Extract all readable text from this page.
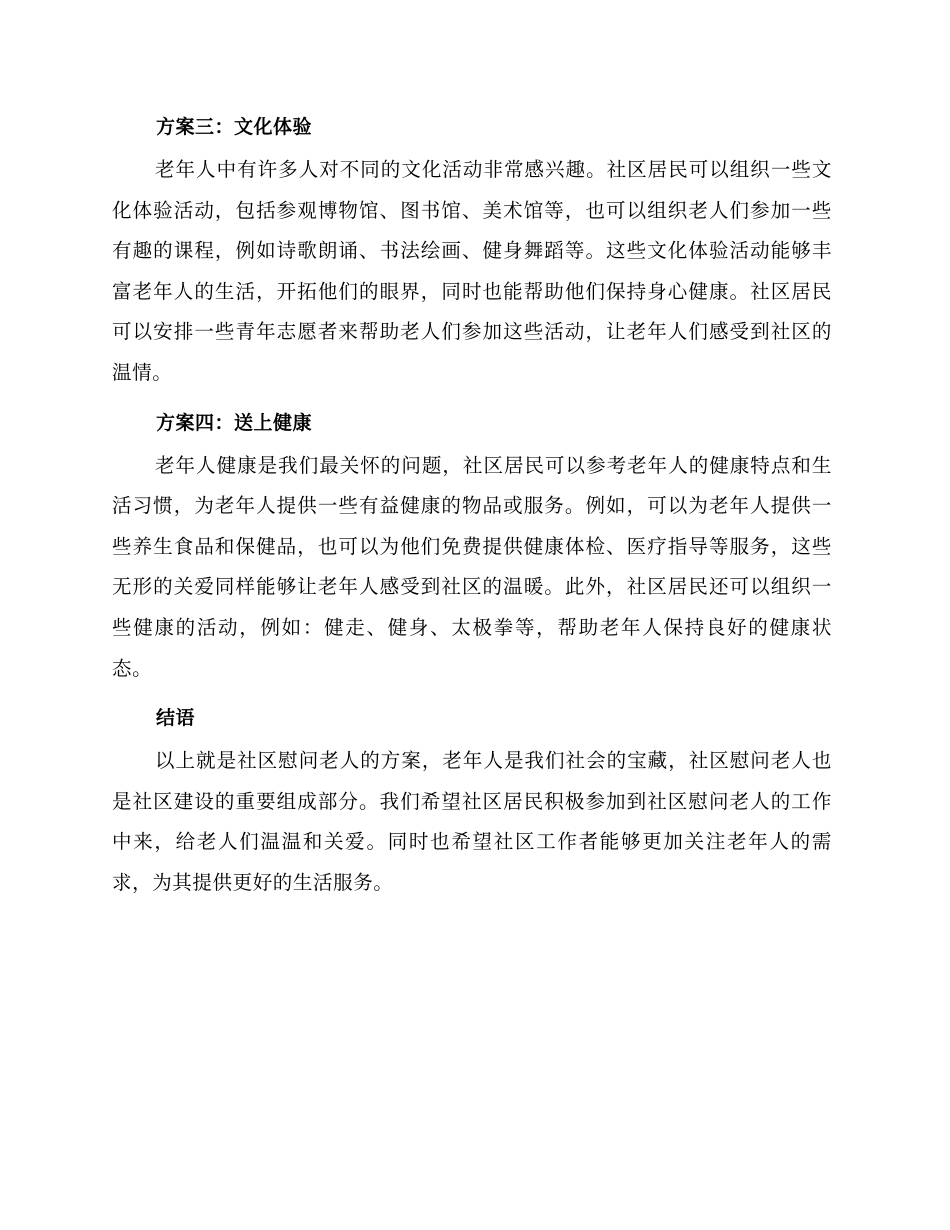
方案三：文化体验

老年人中有许多人对不同的文化活动非常感兴趣。社区居民可以组织一些文化体验活动，包括参观博物馆、图书馆、美术馆等，也可以组织老人们参加一些有趣的课程，例如诗歌朗诵、书法绘画、健身舞蹈等。这些文化体验活动能够丰富老年人的生活，开拓他们的眼界，同时也能帮助他们保持身心健康。社区居民可以安排一些青年志愿者来帮助老人们参加这些活动，让老年人们感受到社区的温情。

方案四：送上健康

老年人健康是我们最关怀的问题，社区居民可以参考老年人的健康特点和生活习惯，为老年人提供一些有益健康的物品或服务。例如，可以为老年人提供一些养生食品和保健品，也可以为他们免费提供健康体检、医疗指导等服务，这些无形的关爱同样能够让老年人感受到社区的温暖。此外，社区居民还可以组织一些健康的活动，例如：健走、健身、太极拳等，帮助老年人保持良好的健康状态。

结语

以上就是社区慰问老人的方案，老年人是我们社会的宝藏，社区慰问老人也是社区建设的重要组成部分。我们希望社区居民积极参加到社区慰问老人的工作中来，给老人们温温和关爱。同时也希望社区工作者能够更加关注老年人的需求，为其提供更好的生活服务。
